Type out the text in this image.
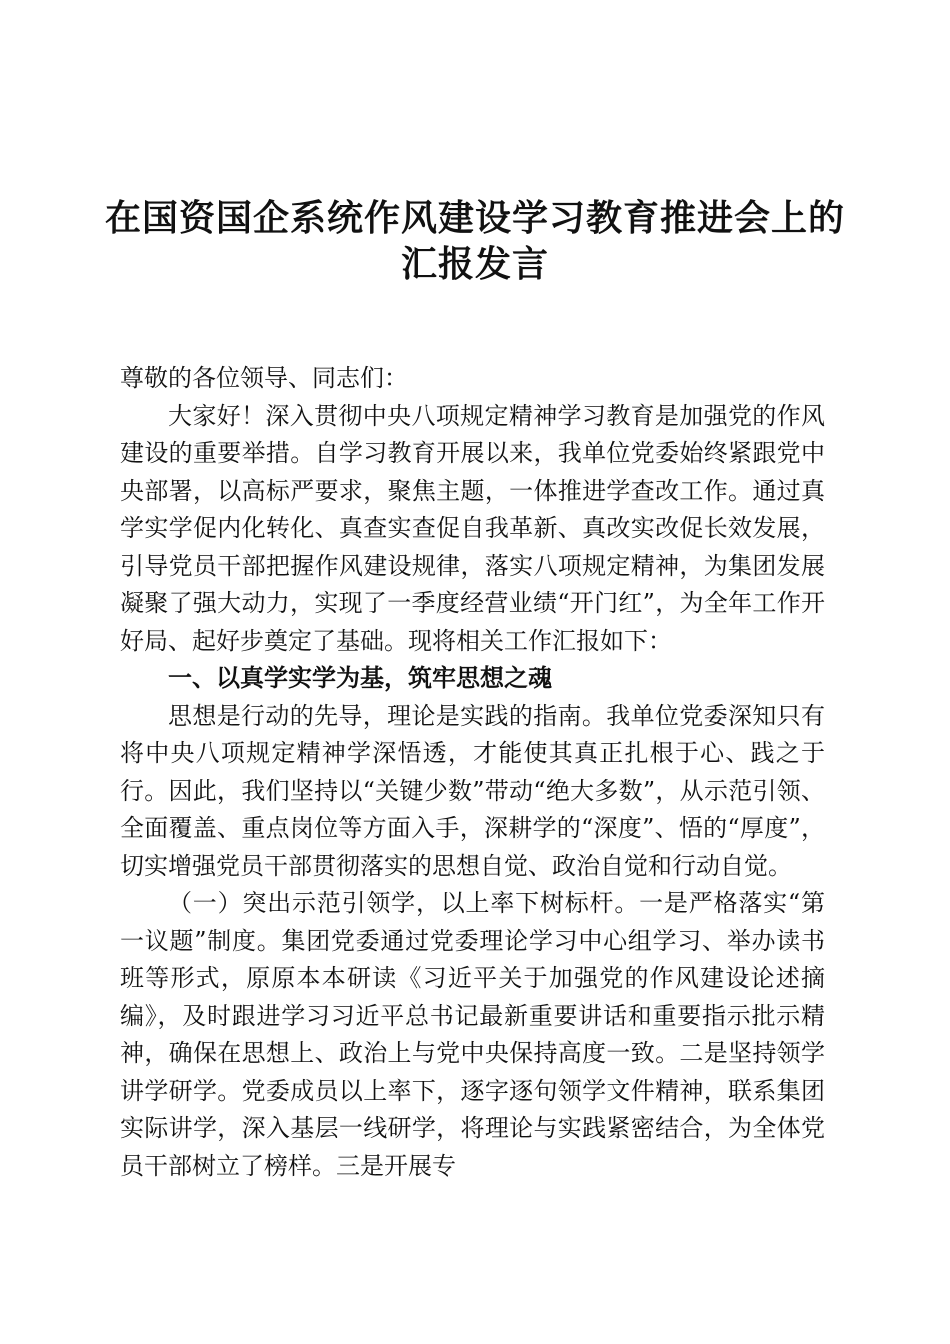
在国资国企系统作风建设学习教育推进会上的
汇报发言

尊敬的各位领导、同志们：

大家好！深入贯彻中央八项规定精神学习教育是加强党的作风建设的重要举措。自学习教育开展以来，我单位党委始终紧跟党中央部署，以高标严要求，聚焦主题，一体推进学查改工作。通过真学实学促内化转化、真查实查促自我革新、真改实改促长效发展，引导党员干部把握作风建设规律，落实八项规定精神，为集团发展凝聚了强大动力，实现了一季度经营业绩“开门红”，为全年工作开好局、起好步奠定了基础。现将相关工作汇报如下：

一、以真学实学为基，筑牢思想之魂

思想是行动的先导，理论是实践的指南。我单位党委深知只有将中央八项规定精神学深悟透，才能使其真正扎根于心、践之于行。因此，我们坚持以“关键少数”带动“绝大多数”，从示范引领、全面覆盖、重点岗位等方面入手，深耕学的“深度”、悟的“厚度”，切实增强党员干部贯彻落实的思想自觉、政治自觉和行动自觉。

（一）突出示范引领学，以上率下树标杆。一是严格落实“第一议题”制度。集团党委通过党委理论学习中心组学习、举办读书班等形式，原原本本研读《习近平关于加强党的作风建设论述摘编》，及时跟进学习习近平总书记最新重要讲话和重要指示批示精神，确保在思想上、政治上与党中央保持高度一致。二是坚持领学讲学研学。党委成员以上率下，逐字逐句领学文件精神，联系集团实际讲学，深入基层一线研学，将理论与实践紧密结合，为全体党员干部树立了榜样。三是开展专
